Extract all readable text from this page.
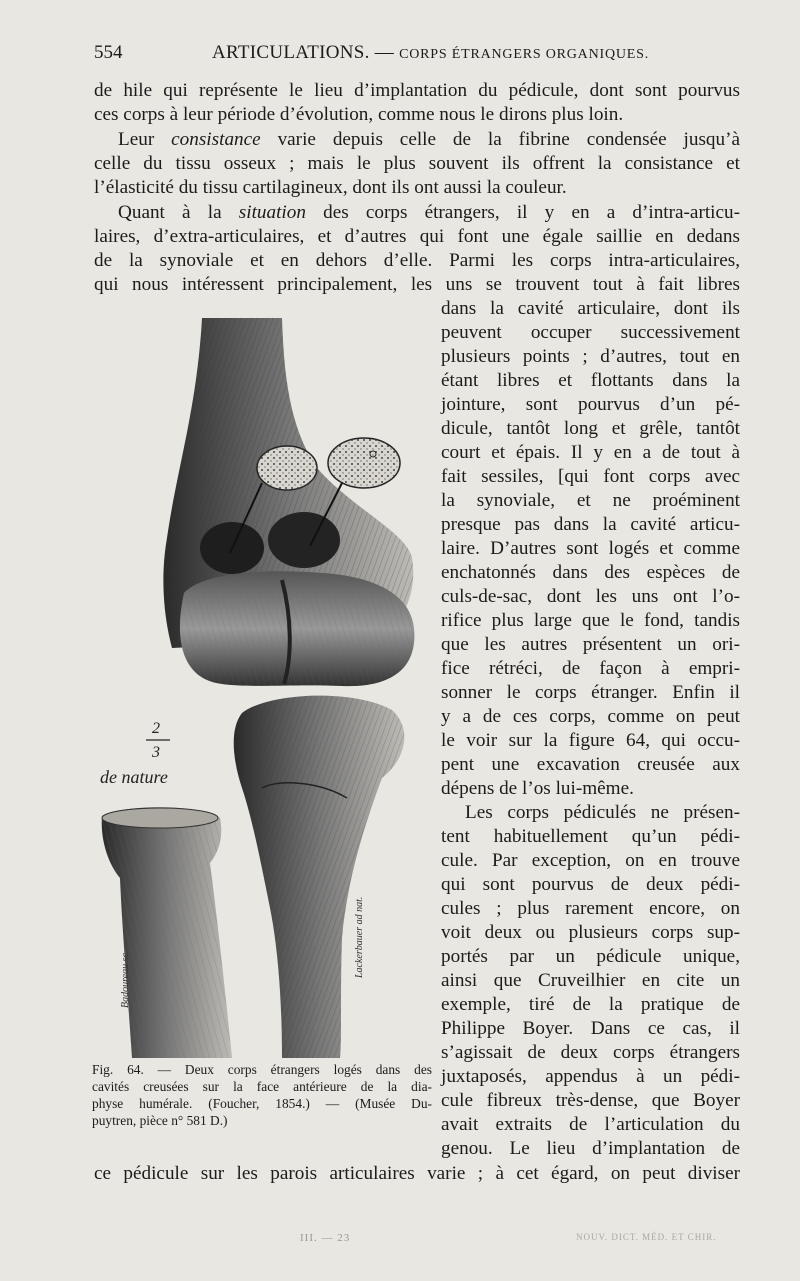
554	ARTICULATIONS. — CORPS ÉTRANGERS ORGANIQUES.
de hile qui représente le lieu d’implantation du pédicule, dont sont pourvus
ces corps à leur période d’évolution, comme nous le dirons plus loin.
Leur consistance varie depuis celle de la fibrine condensée jusqu’à
celle du tissu osseux ; mais le plus souvent ils offrent la consistance et
l’élasticité du tissu cartilagineux, dont ils ont aussi la couleur.
Quant à la situation des corps étrangers, il y en a d’intra-articu-
laires, d’extra-articulaires, et d’autres qui font une égale saillie en dedans
de la synoviale et en dehors d’elle. Parmi les corps intra-articulaires,
qui nous intéressent principalement, les uns se trouvent tout à fait libres
dans la cavité articulaire, dont ils
peuvent occuper successivement
plusieurs points ; d’autres, tout en
étant libres et flottants dans la
jointure, sont pourvus d’un pé-
dicule, tantôt long et grêle, tantôt
court et épais. Il y en a de tout à
fait sessiles, [qui font corps avec
la synoviale, et ne proéminent
presque pas dans la cavité articu-
laire. D’autres sont logés et comme
enchatonnés dans des espèces de
culs-de-sac, dont les uns ont l’o-
rifice plus large que le fond, tandis
que les autres présentent un ori-
fice rétréci, de façon à empri-
sonner le corps étranger. Enfin il
y a de ces corps, comme on peut
le voir sur la figure 64, qui occu-
pent une excavation creusée aux
dépens de l’os lui-même.
Les corps pédiculés ne présen-
tent habituellement qu’un pédi-
cule. Par exception, on en trouve
qui sont pourvus de deux pédi-
cules ; plus rarement encore, on
voit deux ou plusieurs corps sup-
portés par un pédicule unique,
ainsi que Cruveilhier en cite un
exemple, tiré de la pratique de
Philippe Boyer. Dans ce cas, il
s’agissait de deux corps étrangers
juxtaposés, appendus à un pédi-
cule fibreux très-dense, que Boyer
avait extraits de l’articulation du
genou. Le lieu d’implantation de
ce pédicule sur les parois articulaires varie ; à cet égard, on peut diviser
2
3
de nature
Badoureau sc.
Lackerbauer ad nat.
Fig. 64. — Deux corps étrangers logés dans des
cavités creusées sur la face antérieure de la dia-
physe humérale. (Foucher, 1854.) — (Musée Du-
puytren, pièce n° 581 D.)
III. — 23	NOUV. DICT. MÉD. ET CHIR.
